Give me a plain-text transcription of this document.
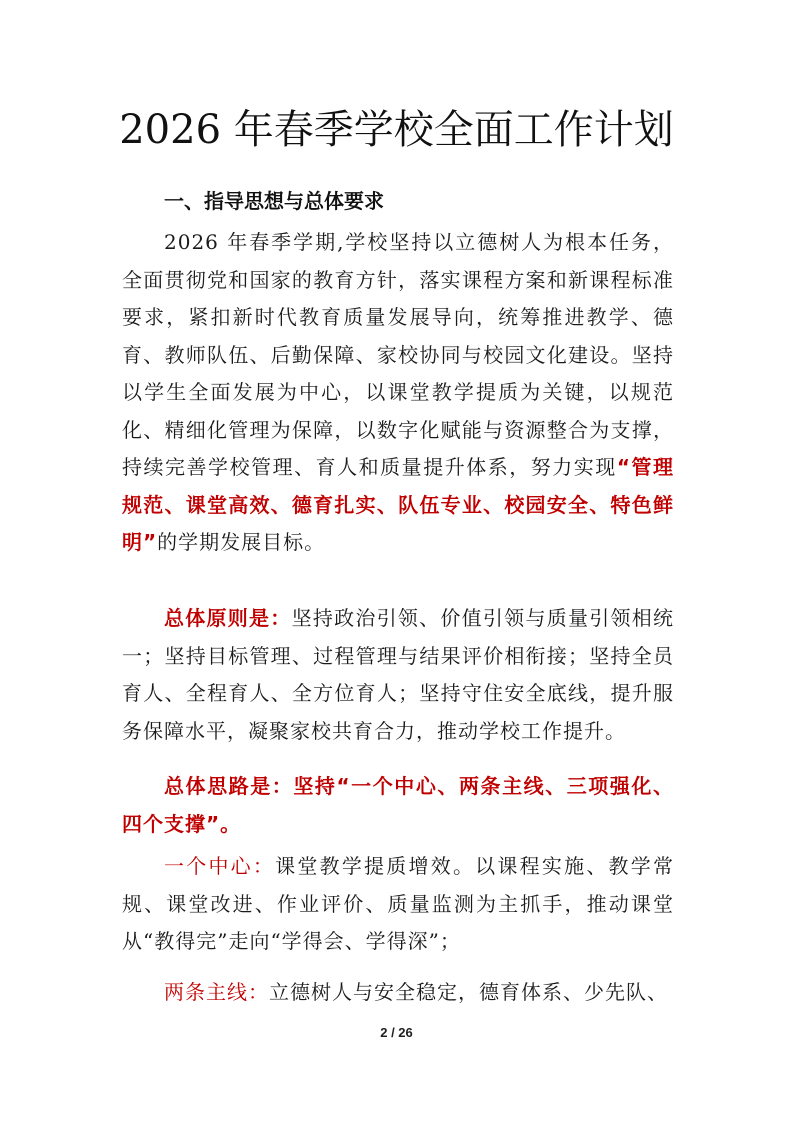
2026 年春季学校全面工作计划
一、指导思想与总体要求
2026 年春季学期,学校坚持以立德树人为根本任务，全面贯彻党和国家的教育方针，落实课程方案和新课程标准要求，紧扣新时代教育质量发展导向，统筹推进教学、德育、教师队伍、后勤保障、家校协同与校园文化建设。坚持以学生全面发展为中心，以课堂教学提质为关键，以规范化、精细化管理为保障，以数字化赋能与资源整合为支撑，持续完善学校管理、育人和质量提升体系，努力实现“管理规范、课堂高效、德育扎实、队伍专业、校园安全、特色鲜明”的学期发展目标。
总体原则是：坚持政治引领、价值引领与质量引领相统一；坚持目标管理、过程管理与结果评价相衔接；坚持全员育人、全程育人、全方位育人；坚持守住安全底线，提升服务保障水平，凝聚家校共育合力，推动学校工作提升。
总体思路是：坚持“一个中心、两条主线、三项强化、四个支撑”。
一个中心：课堂教学提质增效。以课程实施、教学常规、课堂改进、作业评价、质量监测为主抓手，推动课堂从“教得完”走向“学得会、学得深”；
两条主线：立德树人与安全稳定，德育体系、少先队、
2 / 26
